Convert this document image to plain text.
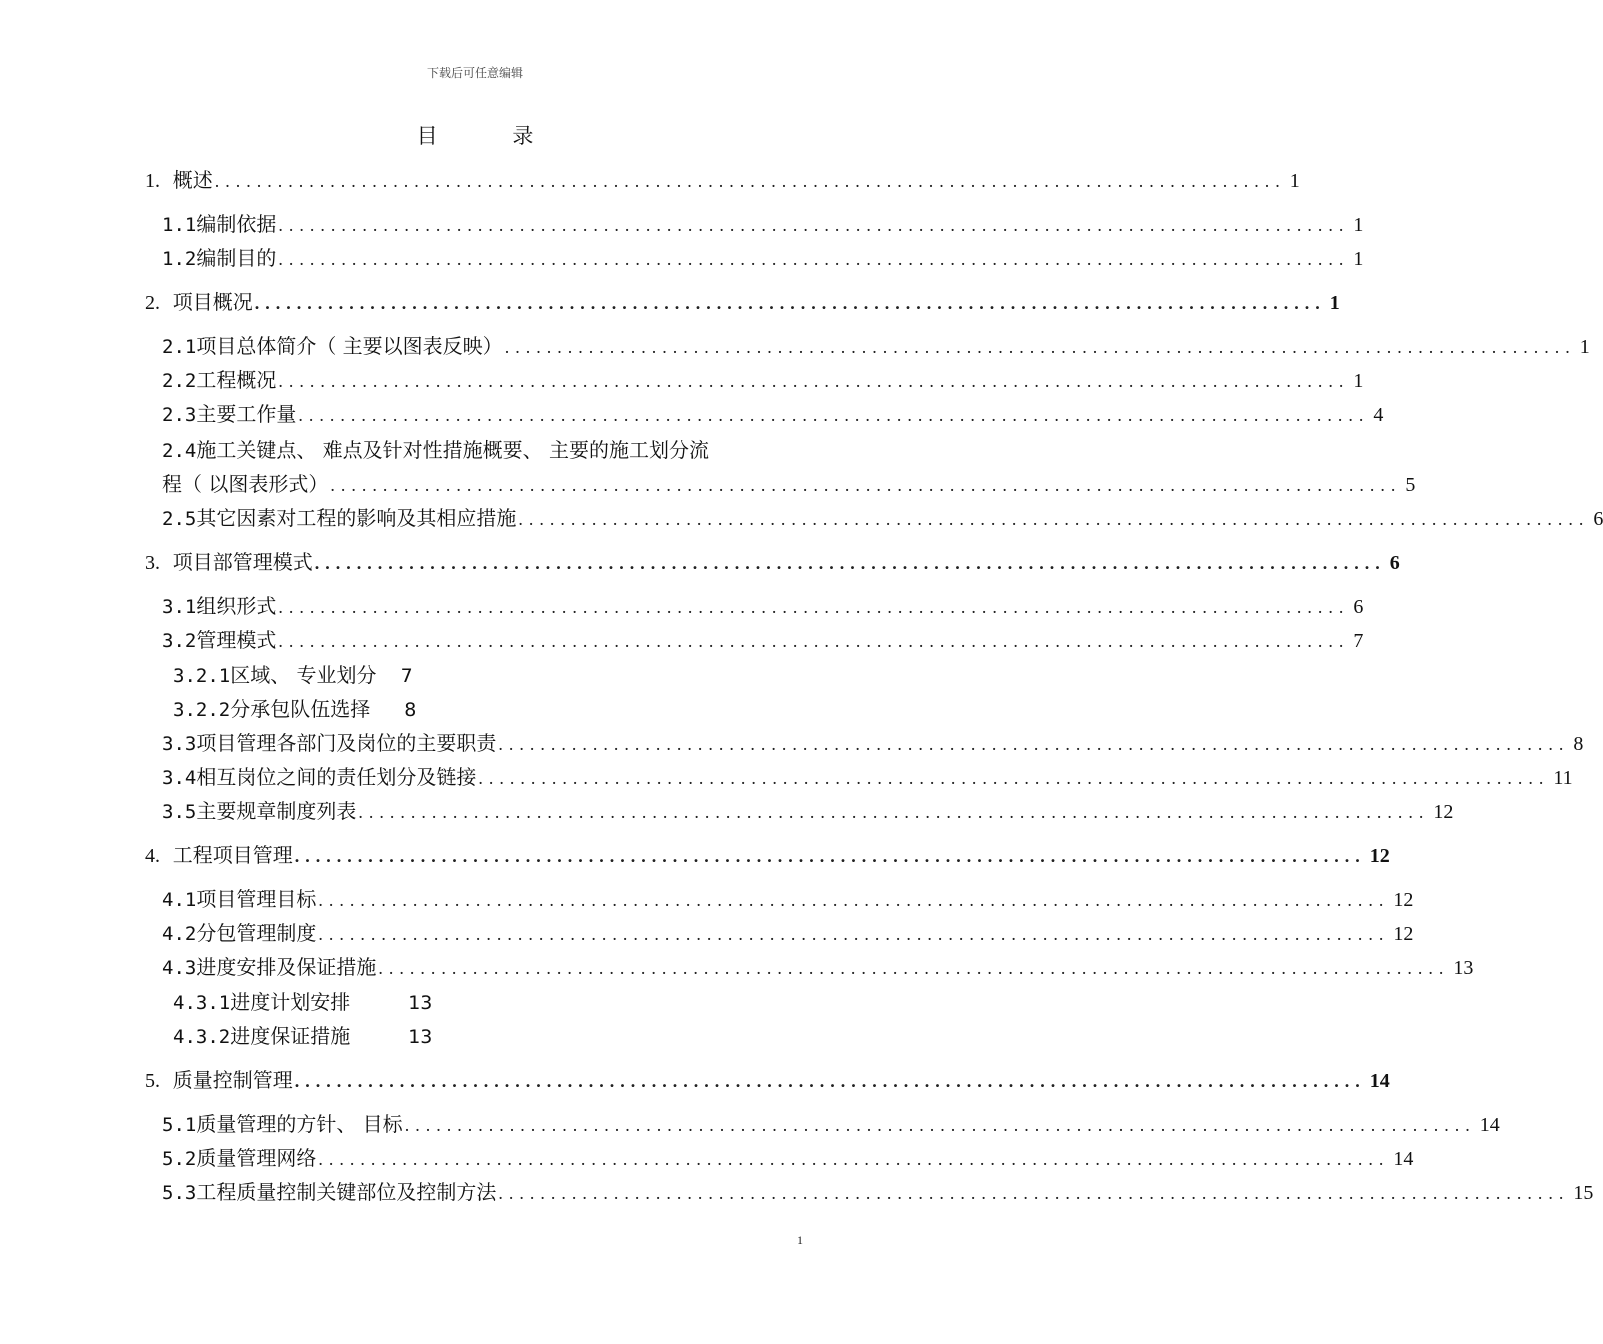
下载后可任意编辑
目 录
1.
概述 ...................................................................................................... 1
1.1 编制依据 ...................................................................................................... 1
1.2 编制目的 ...................................................................................................... 1
2.
项目概况 ...................................................................................................... 1
2.1 项目总体简介（ 主要以图表反映） ...................................................................................................... 1
2.2 工程概况 ...................................................................................................... 1
2.3 主要工作量 ...................................................................................................... 4
2.4施工关键点、 难点及针对性措施概要、 主要的施工划分流
程（ 以图表形式） ...................................................................................................... 5
2.5 其它因素对工程的影响及其相应措施 ...................................................................................................... 6
3.
项目部管理模式 ...................................................................................................... 6
3.1 组织形式 ...................................................................................................... 6
3.2 管理模式 ...................................................................................................... 7
3.2.1 区域、 专业划分 7
3.2.2 分承包队伍选择 8
3.3 项目管理各部门及岗位的主要职责 ...................................................................................................... 8
3.4 相互岗位之间的责任划分及链接 ...................................................................................................... 11
3.5 主要规章制度列表 ...................................................................................................... 12
4.
工程项目管理 ...................................................................................................... 12
4.1 项目管理目标 ...................................................................................................... 12
4.2 分包管理制度 ...................................................................................................... 12
4.3 进度安排及保证措施 ...................................................................................................... 13
4.3.1 进度计划安排	13
4.3.2 进度保证措施	13
5.
质量控制管理 ...................................................................................................... 14
5.1 质量管理的方针、 目标 ...................................................................................................... 14
5.2 质量管理网络 ...................................................................................................... 14
5.3 工程质量控制关键部位及控制方法 ...................................................................................................... 15
1
